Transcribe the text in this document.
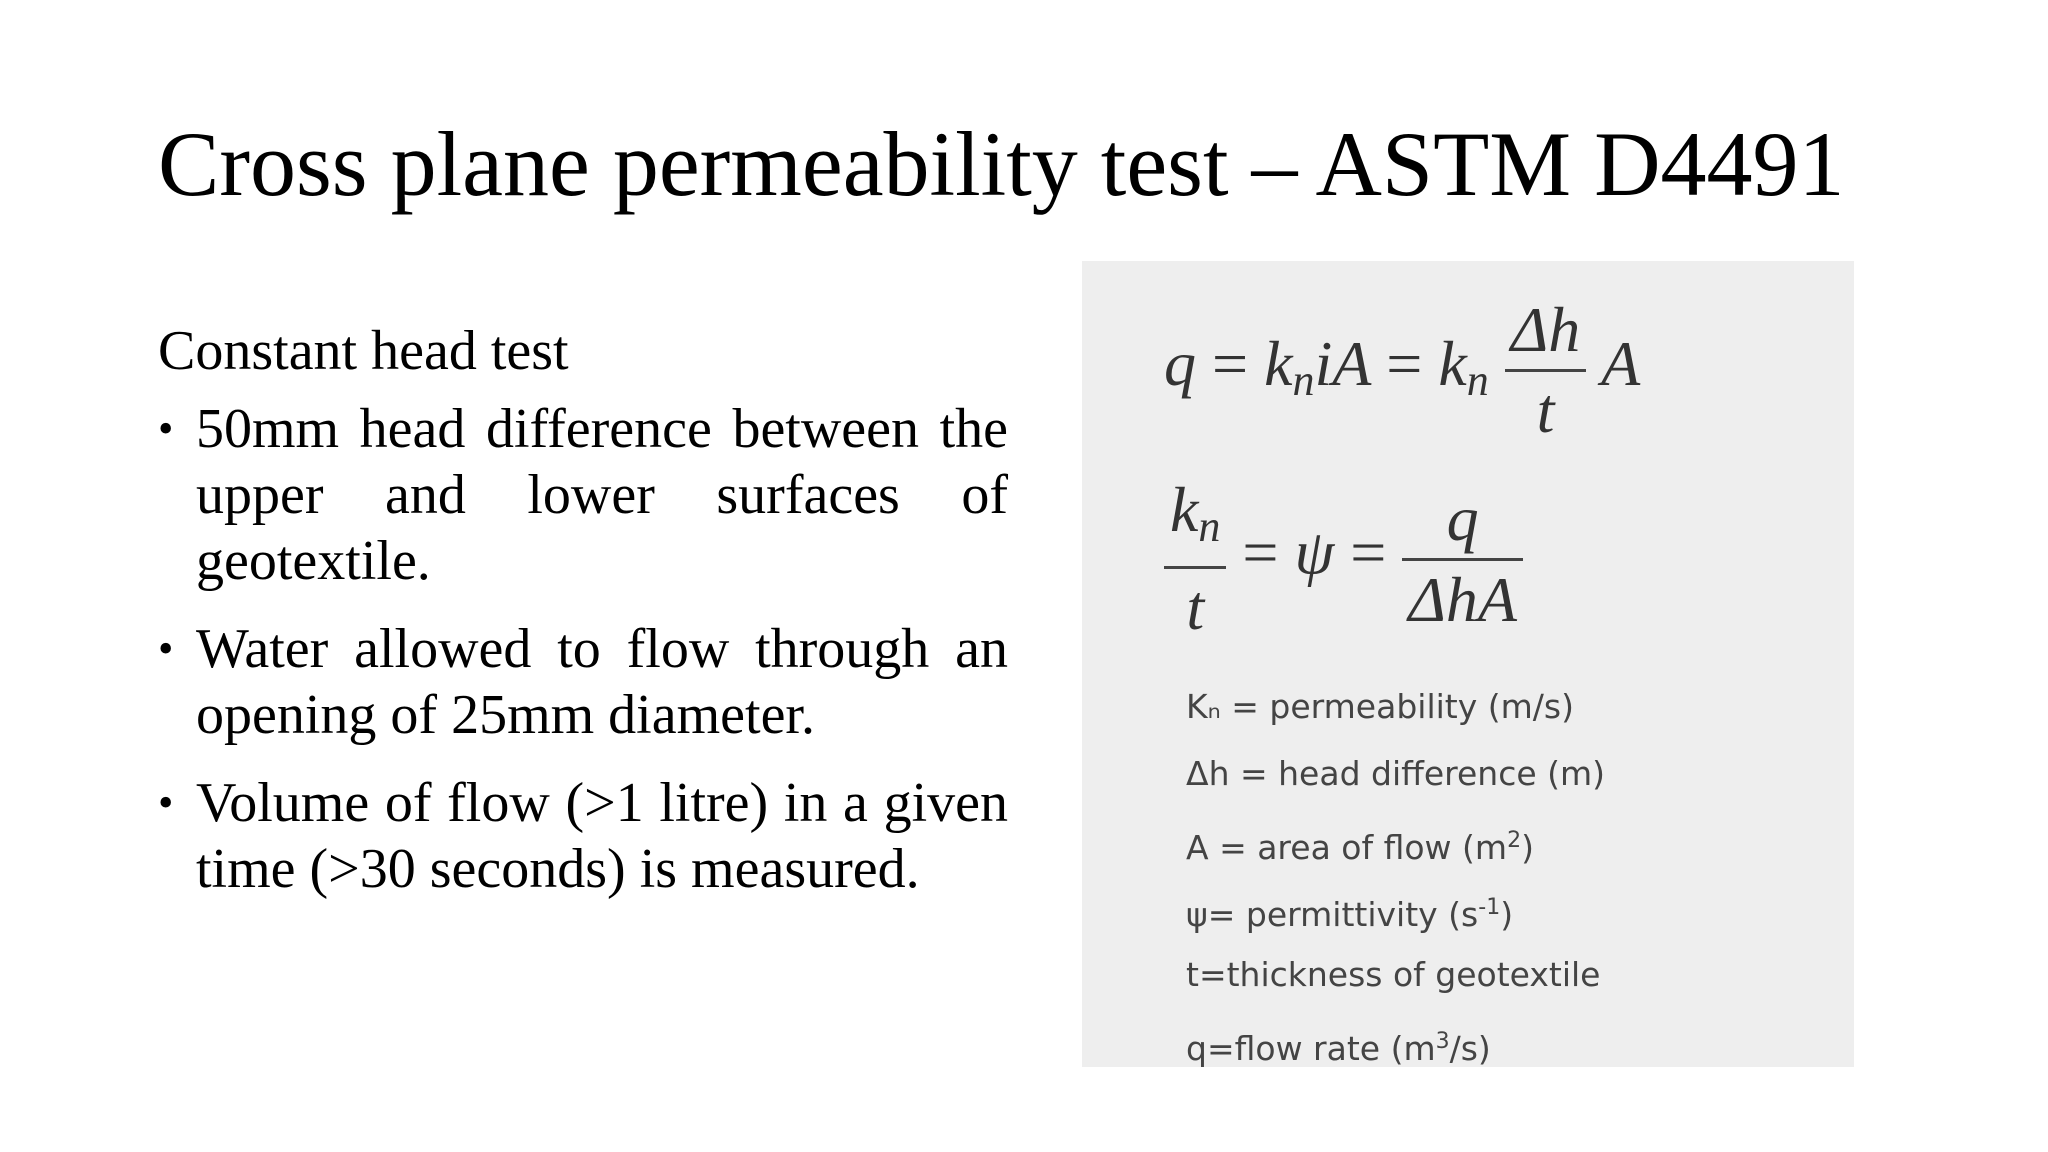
Cross plane permeability test – ASTM D4491

Constant head test

• 50mm head difference between the upper and lower surfaces of geotextile.
• Water allowed to flow through an opening of 25mm diameter.
• Volume of flow (>1 litre) in a given time (>30 seconds) is measured.
$q = k_niA = k_n \frac{\Delta h}{t}$ A
$\frac{k_n}{t} = \psi = \frac{q}{\text{ΔhA}}$
Kₙ = permeability (m/s)
Δh = head difference (m)
A = area of flow $(m^2)$
ψ= permittivity $(s^{-1})$
t=thickness of geotextile
q=flow rate $(m^3/s)$
